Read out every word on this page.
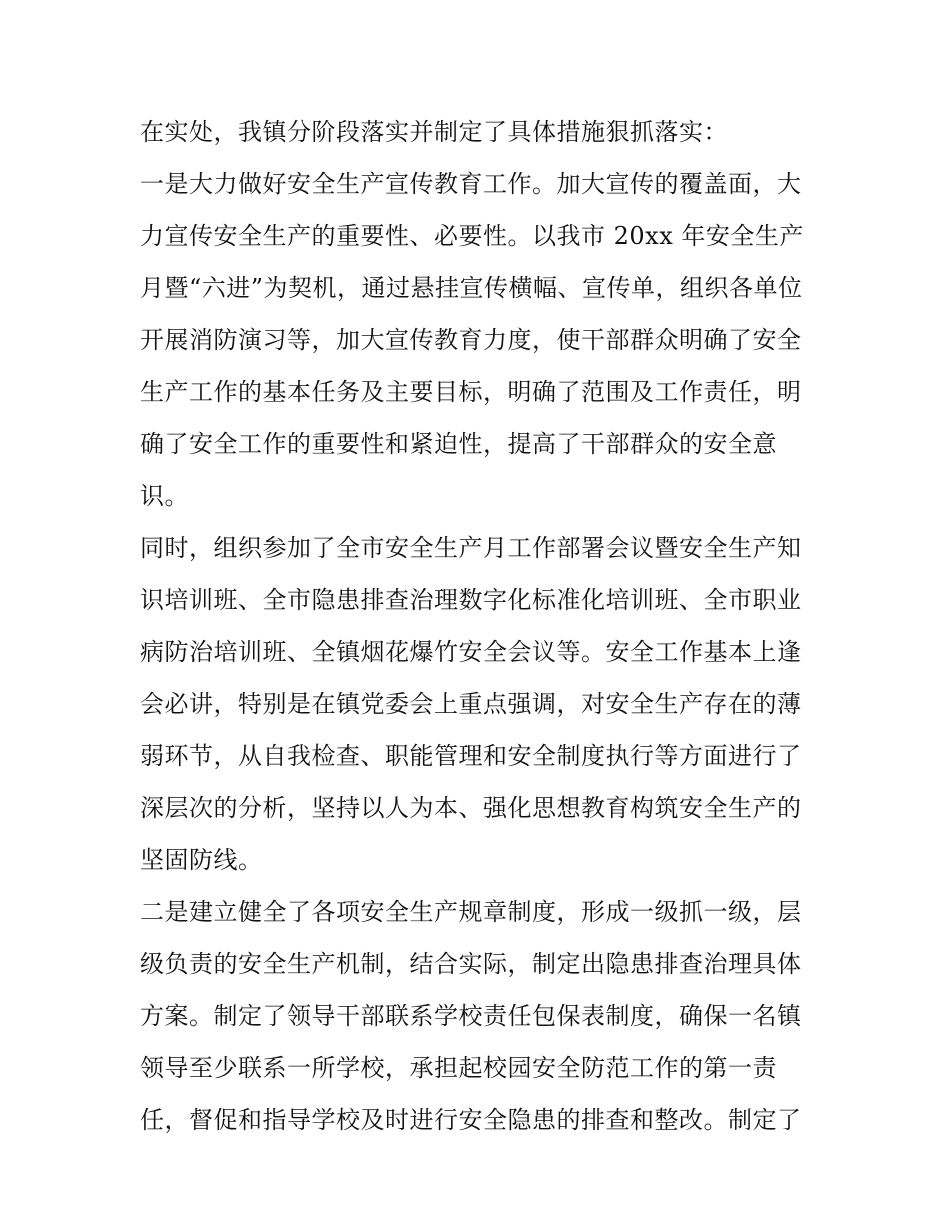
在实处，我镇分阶段落实并制定了具体措施狠抓落实：
一是大力做好安全生产宣传教育工作。加大宣传的覆盖面，大
力宣传安全生产的重要性、必要性。以我市 20xx 年安全生产
月暨“六进”为契机，通过悬挂宣传横幅、宣传单，组织各单位
开展消防演习等，加大宣传教育力度，使干部群众明确了安全
生产工作的基本任务及主要目标，明确了范围及工作责任，明
确了安全工作的重要性和紧迫性，提高了干部群众的安全意
识。
同时，组织参加了全市安全生产月工作部署会议暨安全生产知
识培训班、全市隐患排查治理数字化标准化培训班、全市职业
病防治培训班、全镇烟花爆竹安全会议等。安全工作基本上逢
会必讲，特别是在镇党委会上重点强调，对安全生产存在的薄
弱环节，从自我检查、职能管理和安全制度执行等方面进行了
深层次的分析，坚持以人为本、强化思想教育构筑安全生产的
坚固防线。
二是建立健全了各项安全生产规章制度，形成一级抓一级，层
级负责的安全生产机制，结合实际，制定出隐患排查治理具体
方案。制定了领导干部联系学校责任包保表制度，确保一名镇
领导至少联系一所学校，承担起校园安全防范工作的第一责
任，督促和指导学校及时进行安全隐患的排查和整改。制定了
